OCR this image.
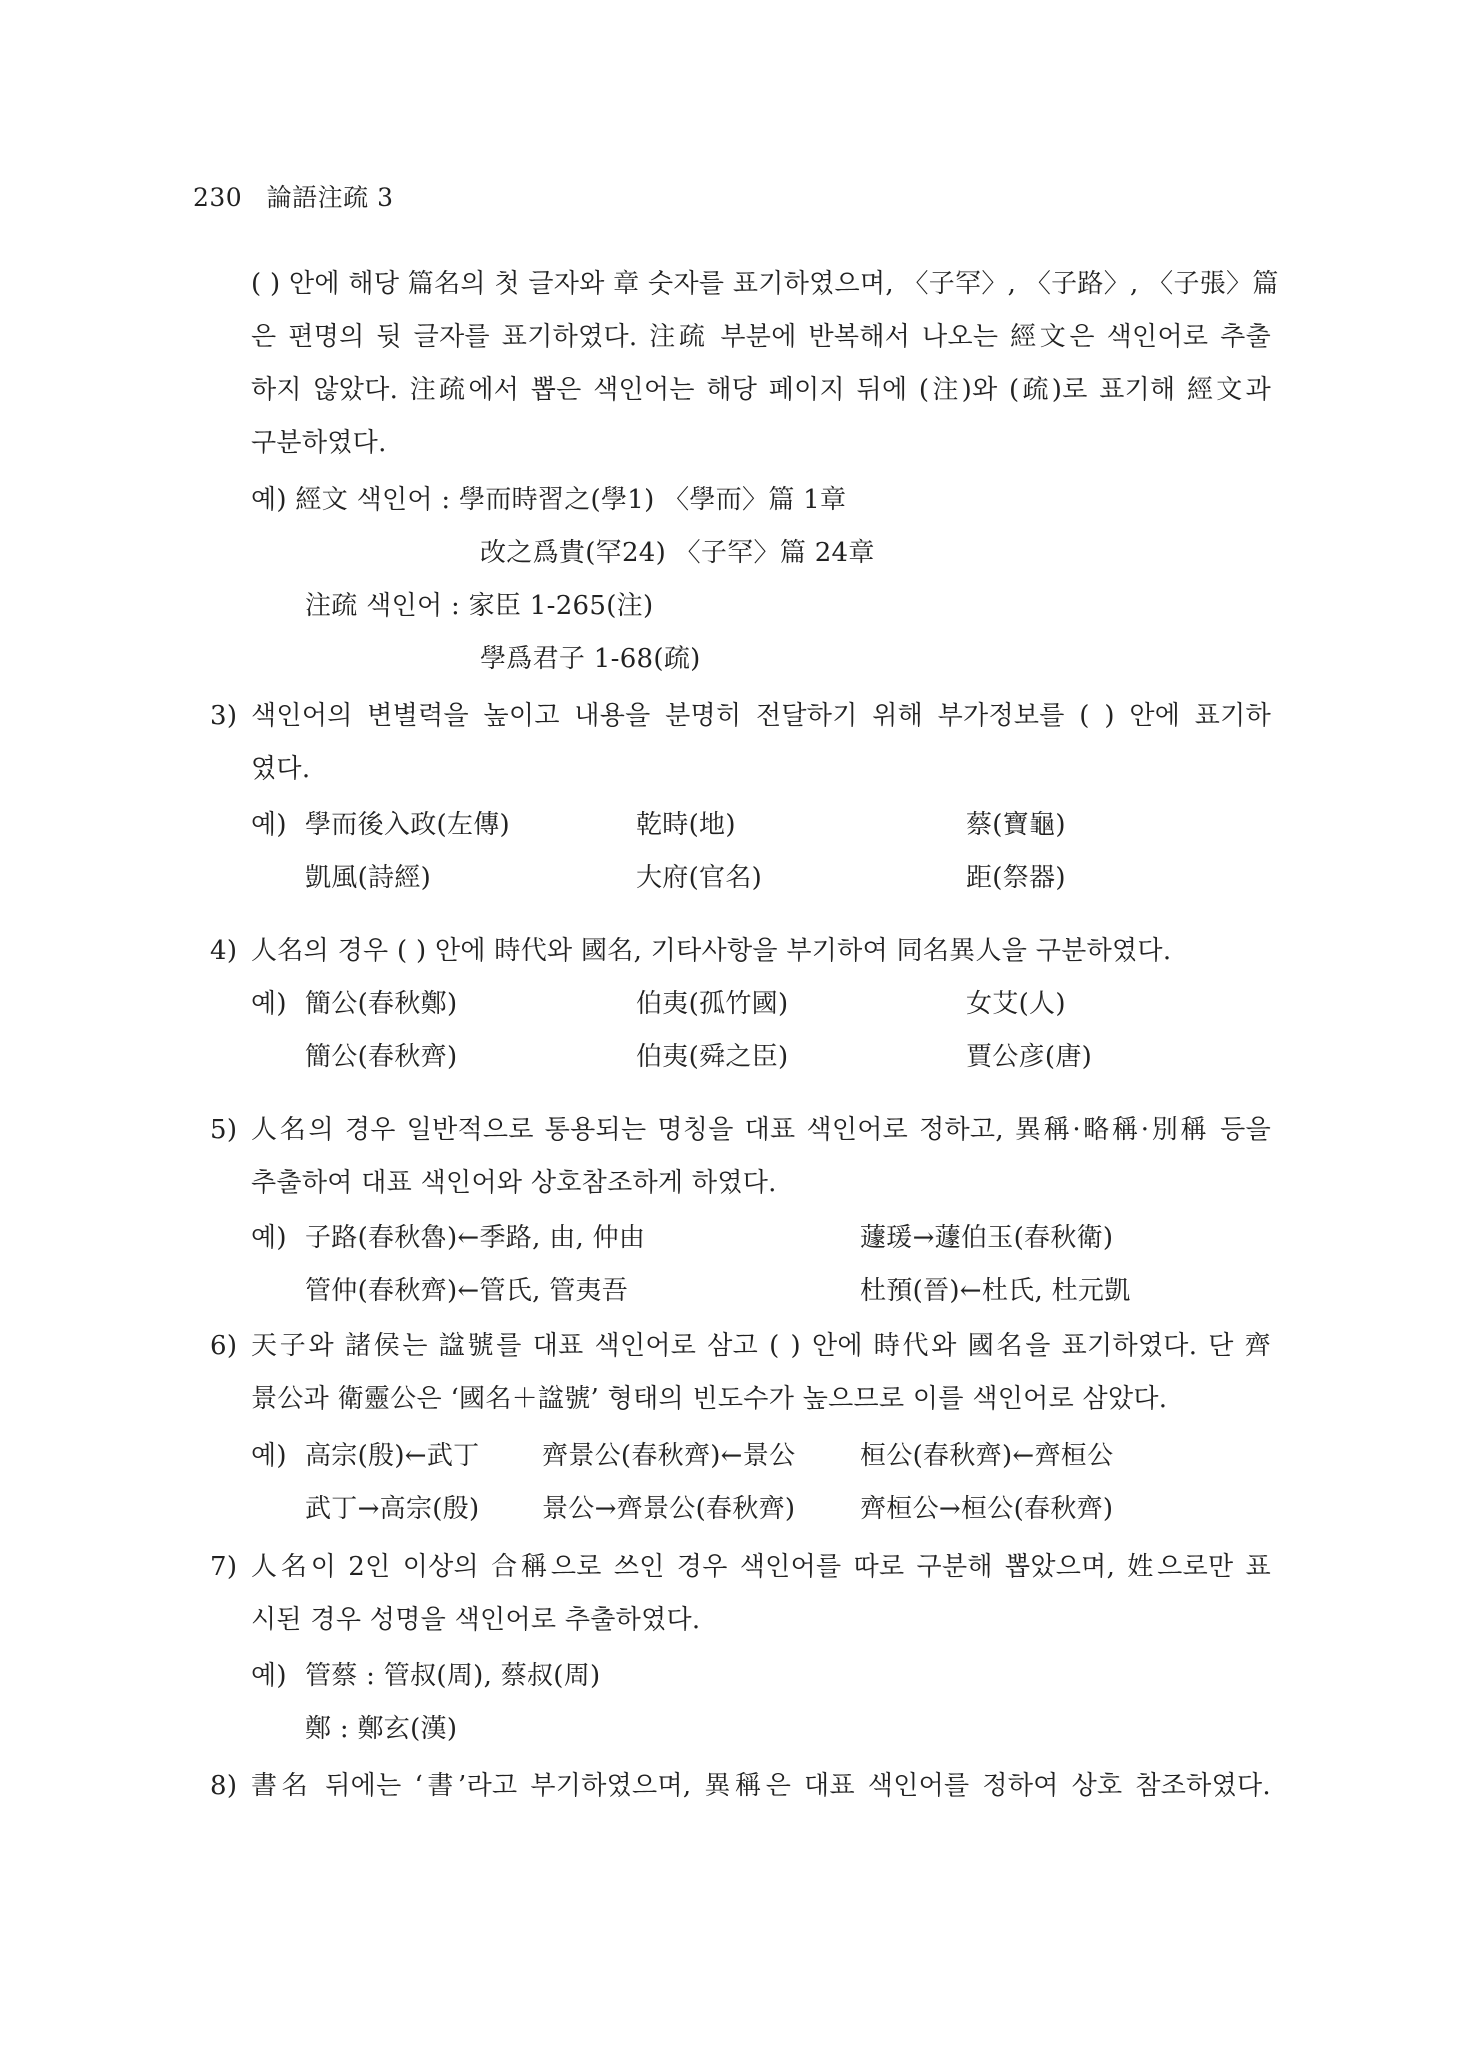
230 論語注疏 3
( ) 안에 해당 篇名의 첫 글자와 章 숫자를 표기하였으며, 〈子罕〉, 〈子路〉, 〈子張〉篇
은 편명의 뒷 글자를 표기하였다. 注疏 부분에 반복해서 나오는 經文은 색인어로 추출
하지 않았다. 注疏에서 뽑은 색인어는 해당 페이지 뒤에 (注)와 (疏)로 표기해 經文과
구분하였다.
예) 經文 색인어 : 學而時習之(學1) 〈學而〉篇 1章
改之爲貴(罕24) 〈子罕〉篇 24章
注疏 색인어 : 家臣 1-265(注)
學爲君子 1-68(疏)
3) 색인어의 변별력을 높이고 내용을 분명히 전달하기 위해 부가정보를 ( ) 안에 표기하
였다.
예) 學而後入政(左傳)	乾時(地)	蔡(寶龜)
凱風(詩經)	大府(官名)	距(祭器)
4) 人名의 경우 ( ) 안에 時代와 國名, 기타사항을 부기하여 同名異人을 구분하였다.
예) 簡公(春秋鄭)	伯夷(孤竹國)	女艾(人)
簡公(春秋齊)	伯夷(舜之臣)	賈公彦(唐)
5) 人名의 경우 일반적으로 통용되는 명칭을 대표 색인어로 정하고, 異稱·略稱·別稱 등을
추출하여 대표 색인어와 상호참조하게 하였다.
예) 子路(春秋魯)←季路, 由, 仲由	蘧瑗→蘧伯玉(春秋衛)
管仲(春秋齊)←管氏, 管夷吾	杜預(晉)←杜氏, 杜元凱
6) 天子와 諸侯는 諡號를 대표 색인어로 삼고 ( ) 안에 時代와 國名을 표기하였다. 단 齊
景公과 衛靈公은 ‘國名＋諡號’ 형태의 빈도수가 높으므로 이를 색인어로 삼았다.
예) 高宗(殷)←武丁 齊景公(春秋齊)←景公 桓公(春秋齊)←齊桓公
武丁→高宗(殷) 景公→齊景公(春秋齊) 齊桓公→桓公(春秋齊)
7) 人名이 2인 이상의 合稱으로 쓰인 경우 색인어를 따로 구분해 뽑았으며, 姓으로만 표
시된 경우 성명을 색인어로 추출하였다.
예) 管蔡 : 管叔(周), 蔡叔(周)
鄭 : 鄭玄(漢)
8) 書名 뒤에는 ‘書’라고 부기하였으며, 異稱은 대표 색인어를 정하여 상호 참조하였다.
